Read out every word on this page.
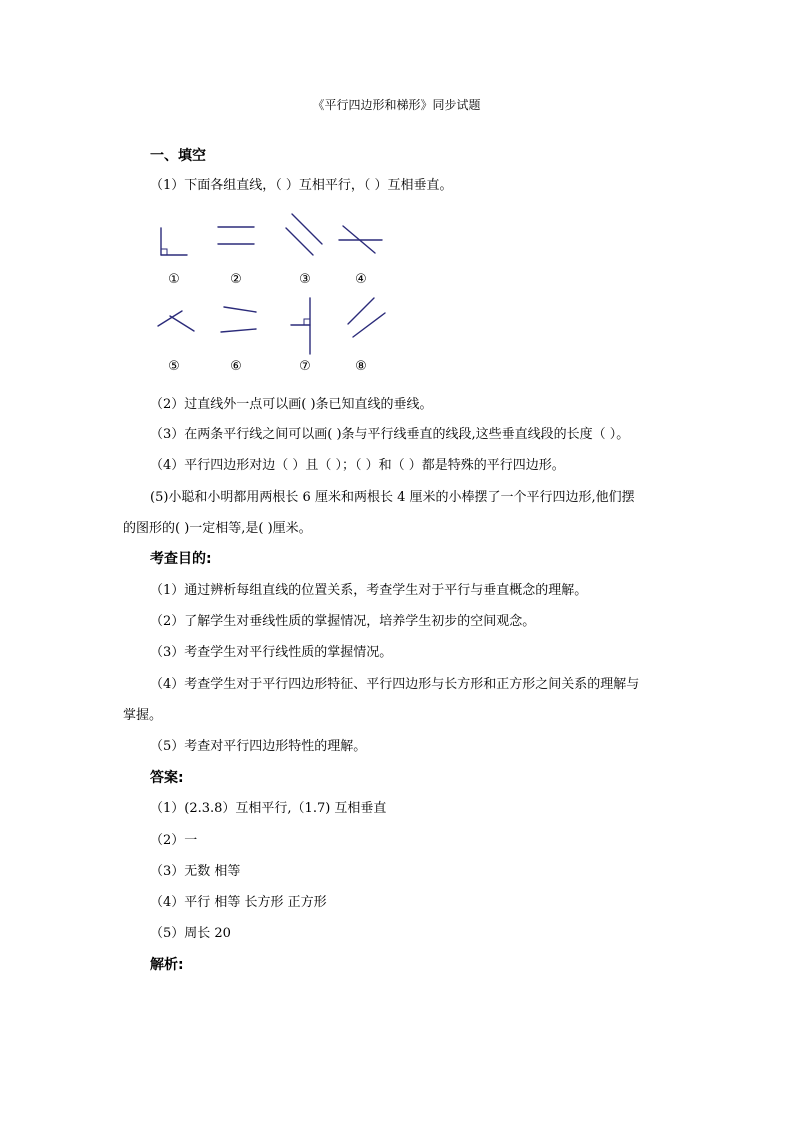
《平行四边形和梯形》同步试题
一、填空
（1）下面各组直线，（ ）互相平行，（ ）互相垂直。
①	②	③	④
⑤	⑥	⑦	⑧
（2）过直线外一点可以画( )条已知直线的垂线。
（3）在两条平行线之间可以画( )条与平行线垂直的线段,这些垂直线段的长度（ ）。
（4）平行四边形对边（ ）且（ ）；（ ）和（ ）都是特殊的平行四边形。
(5)小聪和小明都用两根长 6 厘米和两根长 4 厘米的小棒摆了一个平行四边形,他们摆
的图形的( )一定相等,是( )厘米。
考查目的:
（1）通过辨析每组直线的位置关系，考查学生对于平行与垂直概念的理解。
（2）了解学生对垂线性质的掌握情况，培养学生初步的空间观念。
（3）考查学生对平行线性质的掌握情况。
（4）考查学生对于平行四边形特征、平行四边形与长方形和正方形之间关系的理解与
掌握。
（5）考查对平行四边形特性的理解。
答案:
（1）(2.3.8）互相平行,（1.7) 互相垂直
（2）一
（3）无数 相等
（4）平行 相等 长方形 正方形
（5）周长 20
解析:
